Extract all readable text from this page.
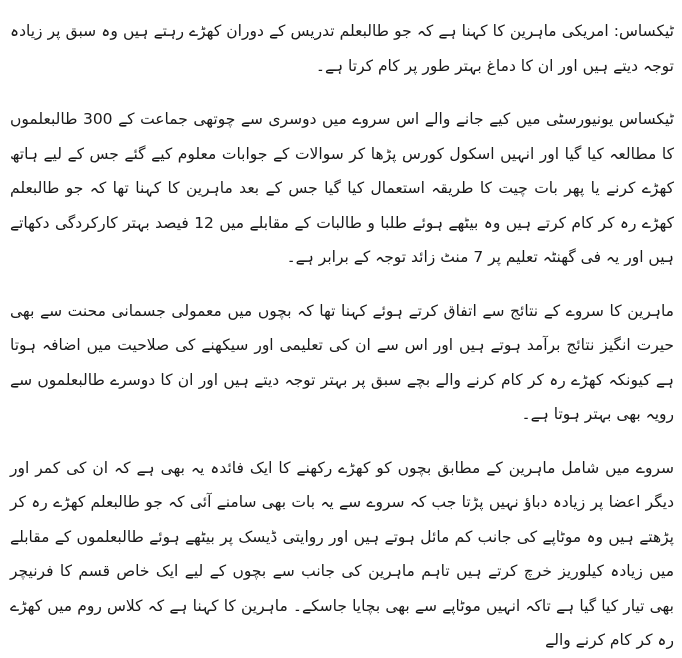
ٹیکساس: امریکی ماہرین کا کہنا ہے کہ جو طالبعلم تدریس کے دوران کھڑے رہتے ہیں وہ سبق پر زیادہ توجہ دیتے ہیں اور ان کا دماغ بہتر طور پر کام کرتا ہے۔

ٹیکساس یونیورسٹی میں کیے جانے والے اس سروے میں دوسری سے چوتھی جماعت کے 300 طالبعلموں کا مطالعہ کیا گیا اور انہیں اسکول کورس پڑھا کر سوالات کے جوابات معلوم کیے گئے جس کے لیے ہاتھ کھڑے کرنے یا پھر بات چیت کا طریقہ استعمال کیا گیا جس کے بعد ماہرین کا کہنا تھا کہ جو طالبعلم کھڑے رہ کر کام کرتے ہیں وہ بیٹھے ہوئے طلبا و طالبات کے مقابلے میں 12 فیصد بہتر کارکردگی دکھاتے ہیں اور یہ فی گھنٹہ تعلیم پر 7 منٹ زائد توجہ کے برابر ہے۔

ماہرین کا سروے کے نتائج سے اتفاق کرتے ہوئے کہنا تھا کہ بچوں میں معمولی جسمانی محنت سے بھی حیرت انگیز نتائج برآمد ہوتے ہیں اور اس سے ان کی تعلیمی اور سیکھنے کی صلاحیت میں اضافہ ہوتا ہے کیونکہ کھڑے رہ کر کام کرنے والے بچے سبق پر بہتر توجہ دیتے ہیں اور ان کا دوسرے طالبعلموں سے رویہ بھی بہتر ہوتا ہے۔

سروے میں شامل ماہرین کے مطابق بچوں کو کھڑے رکھنے کا ایک فائدہ یہ بھی ہے کہ ان کی کمر اور دیگر اعضا پر زیادہ دباؤ نہیں پڑتا جب کہ سروے سے یہ بات بھی سامنے آئی کہ جو طالبعلم کھڑے رہ کر پڑھتے ہیں وہ موٹاپے کی جانب کم مائل ہوتے ہیں اور روایتی ڈیسک پر بیٹھے ہوئے طالبعلموں کے مقابلے میں زیادہ کیلوریز خرچ کرتے ہیں تاہم ماہرین کی جانب سے بچوں کے لیے ایک خاص قسم کا فرنیچر بھی تیار کیا گیا ہے تاکہ انہیں موٹاپے سے بھی بچایا جاسکے۔ ماہرین کا کہنا ہے کہ کلاس روم میں کھڑے رہ کر کام کرنے والے
